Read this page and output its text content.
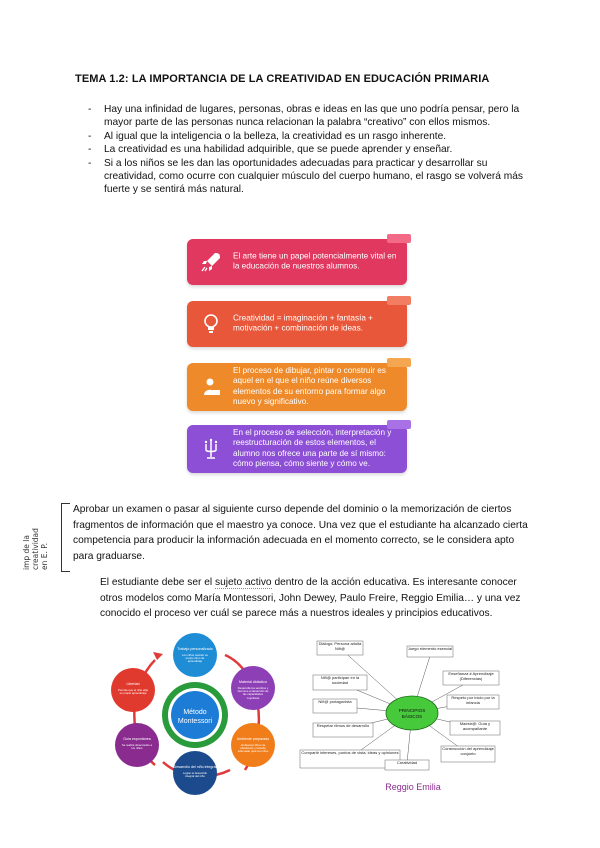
TEMA 1.2: LA IMPORTANCIA DE LA CREATIVIDAD EN EDUCACIÓN PRIMARIA
- Hay una infinidad de lugares, personas, obras e ideas en las que uno podría pensar, pero la mayor parte de las personas nunca relacionan la palabra “creativo” con ellos mismos.
- Al igual que la inteligencia o la belleza, la creatividad es un rasgo inherente.
- La creatividad es una habilidad adquirible, que se puede aprender y enseñar.
- Si a los niños se les dan las oportunidades adecuadas para practicar y desarrollar su creatividad, como ocurre con cualquier músculo del cuerpo humano, el rasgo se volverá más fuerte y se sentirá más natural.
El arte tiene un papel potencialmente vital en la educación de nuestros alumnos.
Creatividad = imaginación + fantasía + motivación + combinación de ideas.
El proceso de dibujar, pintar o construir es aquel en el que el niño reúne diversos elementos de su entorno para formar algo nuevo y significativo.
En el proceso de selección, interpretación y reestructuración de estos elementos, el alumno nos ofrece una parte de sí mismo: cómo piensa, cómo siente y cómo ve.
imp de la creatividad en E. P.
Aprobar un examen o pasar al siguiente curso depende del dominio o la memorización de ciertos fragmentos de información que el maestro ya conoce. Una vez que el estudiante ha alcanzado cierta competencia para producir la información adecuada en el momento correcto, se le considera apto para graduarse.
El estudiante debe ser el sujeto activo dentro de la acción educativa. Es interesante conocer otros modelos como María Montessori, John Dewey, Paulo Freire, Reggio Emilia… y una vez conocido el proceso ver cuál se parece más a nuestros ideales y principios educativos.
Método
Montessori
Trabajo personalizado
Material didáctico
Ambiente preparado
Desarrollo del niño integral
Guía espontánea
Libertad
Los niños marcan su propio ritmo de aprendizaje
Desarrolla los sentidos y favorece el desarrollo de las capacidades cognitivas
Ambientes libres de obstáculos y tamaño adecuado para los niños
Lograr el desarrollo integral del niño
Se realiza observando a los niños
Permite que el niño elija su propio aprendizaje
PRINCIPIOS
BÁSICOS
Diálogo: Persona adulta Niñ@	Juego elemento esencial
Niñ@ participan en la sociedad
Enseñanza ≠ Aprendizaje (Diferencias)
Niñ@ protagonista
Respeto por inicio por la infancia
Respetar ritmos de desarrollo	Maestr@: Guía y acompañante
Compartir intereses, puntos de vista, ideas y opiniones
Construcción del aprendizaje conjunto
Creatividad
Reggio Emilia
